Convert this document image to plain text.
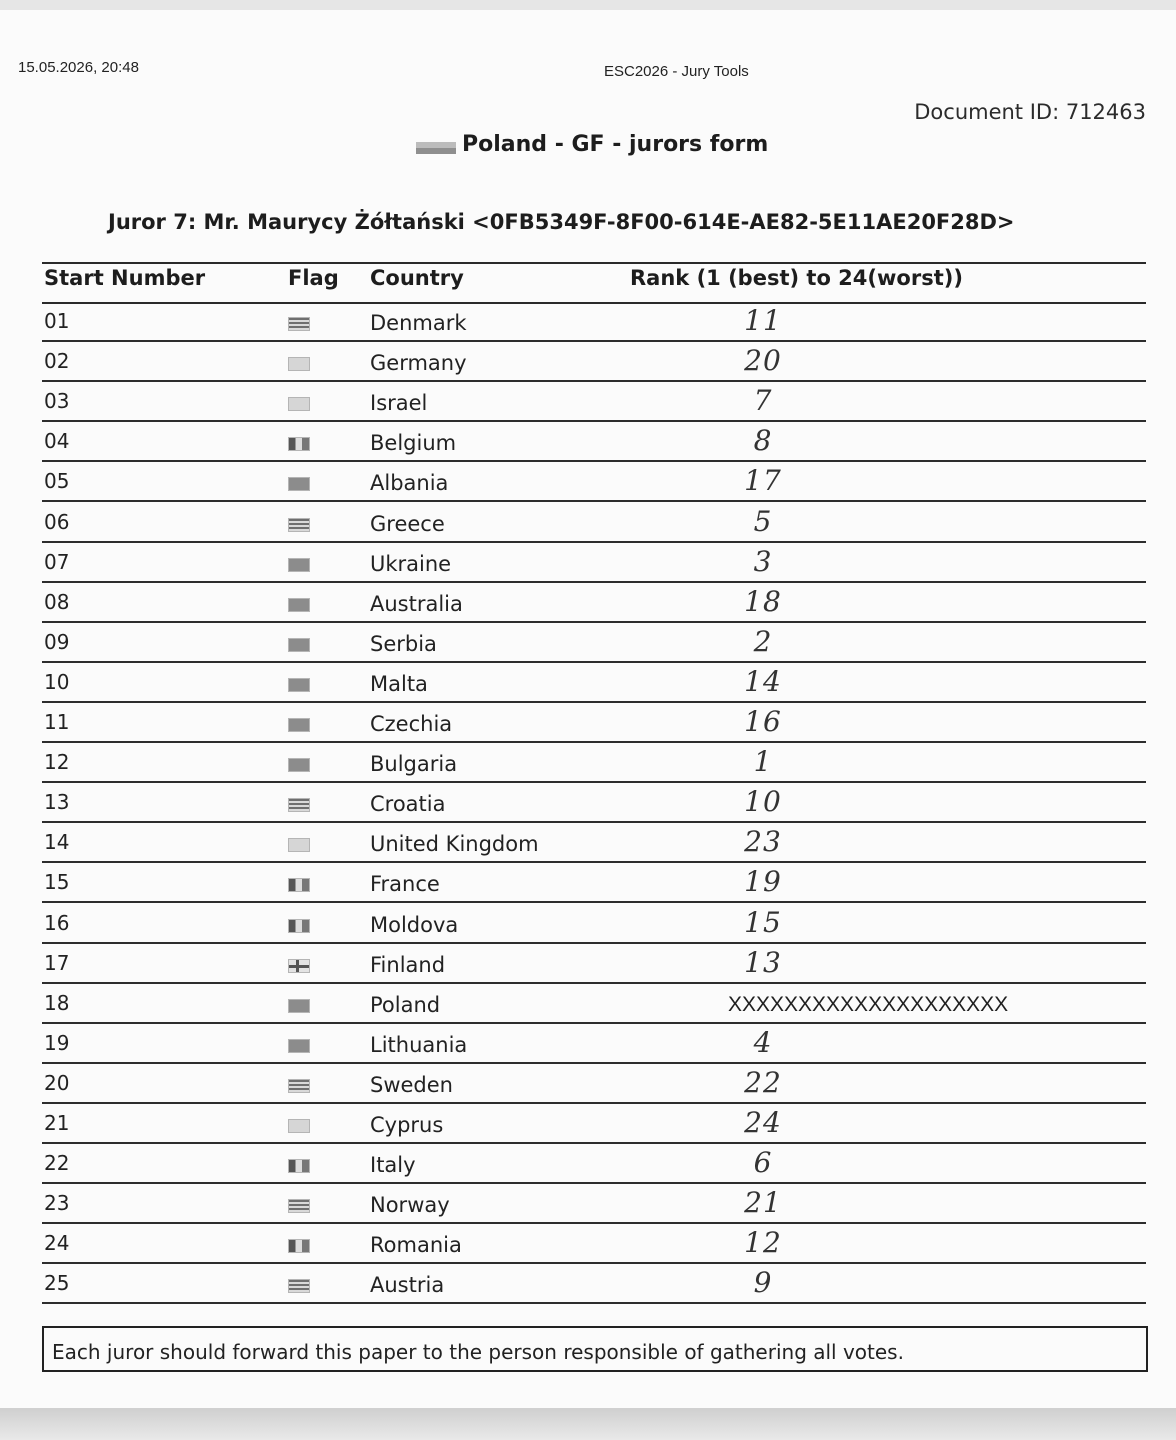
15.05.2026, 20:48	ESC2026 - Jury Tools
Document ID: 712463
Poland - GF - jurors form
Juror 7: Mr. Maurycy Żółtański <0FB5349F-8F00-614E-AE82-5E11AE20F28D>
Start Number	Flag Country	Rank (1 (best) to 24(worst))
01	Denmark	11
02	Germany	20
03	Israel	7
04	Belgium	8
05	Albania	17
06	Greece	5
07	Ukraine	3
08	Australia	18
09	Serbia	2
10	Malta	14
11	Czechia	16
12	Bulgaria	1
13	Croatia	10
14	United Kingdom	23
15	France	19
16	Moldova	15
17	Finland	13
18	Poland	XXXXXXXXXXXXXXXXXXXX
19	Lithuania	4
20	Sweden	22
21	Cyprus	24
22	Italy	6
23	Norway	21
24	Romania	12
25	Austria	9
Each juror should forward this paper to the person responsible of gathering all votes.
